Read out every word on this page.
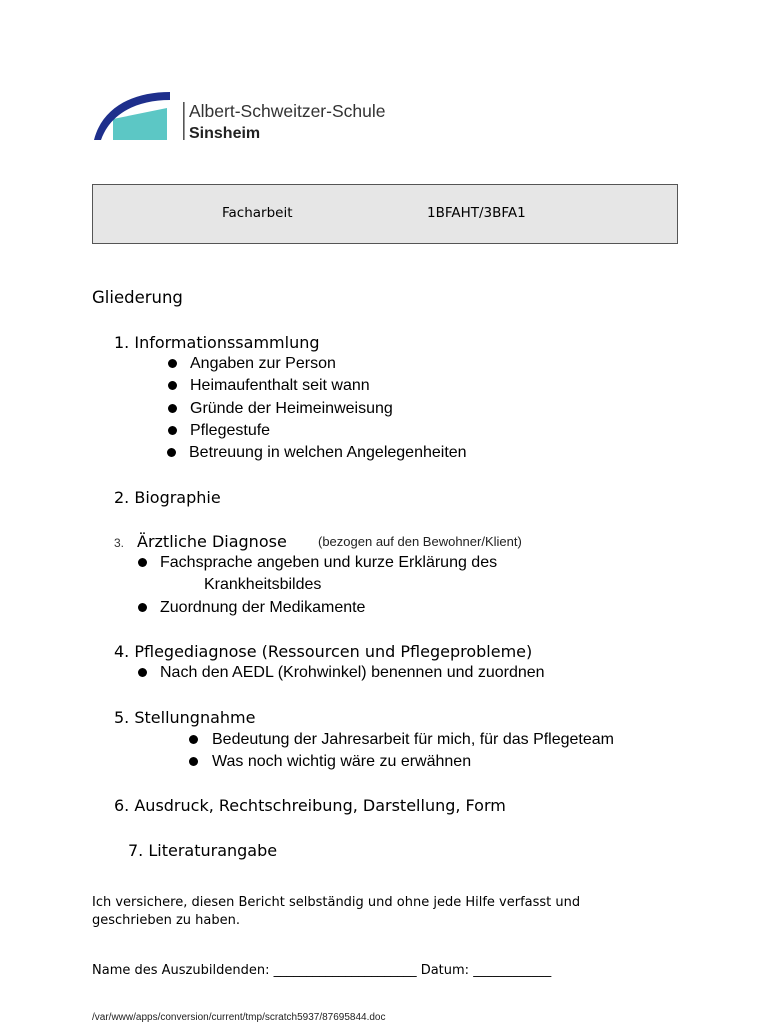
Albert-Schweitzer-Schule
Sinsheim
Facharbeit	1BFAHT/3BFA1
Gliederung
1. Informationssammlung
Angaben zur Person
Heimaufenthalt seit wann
Gründe der Heimeinweisung
Pflegestufe
Betreuung in welchen Angelegenheiten
2. Biographie
3. Ärztliche Diagnose (bezogen auf den Bewohner/Klient)
Fachsprache angeben und kurze Erklärung des
Krankheitsbildes
Zuordnung der Medikamente
4. Pflegediagnose (Ressourcen und Pflegeprobleme)
Nach den AEDL (Krohwinkel) benennen und zuordnen
5. Stellungnahme
Bedeutung der Jahresarbeit für mich, für das Pflegeteam
Was noch wichtig wäre zu erwähnen
6. Ausdruck, Rechtschreibung, Darstellung, Form
7. Literaturangabe
Ich versichere, diesen Bericht selbständig und ohne jede Hilfe verfasst und
geschrieben zu haben.
Name des Auszubildenden: ______________________ Datum: ____________
/var/www/apps/conversion/current/tmp/scratch5937/87695844.doc
